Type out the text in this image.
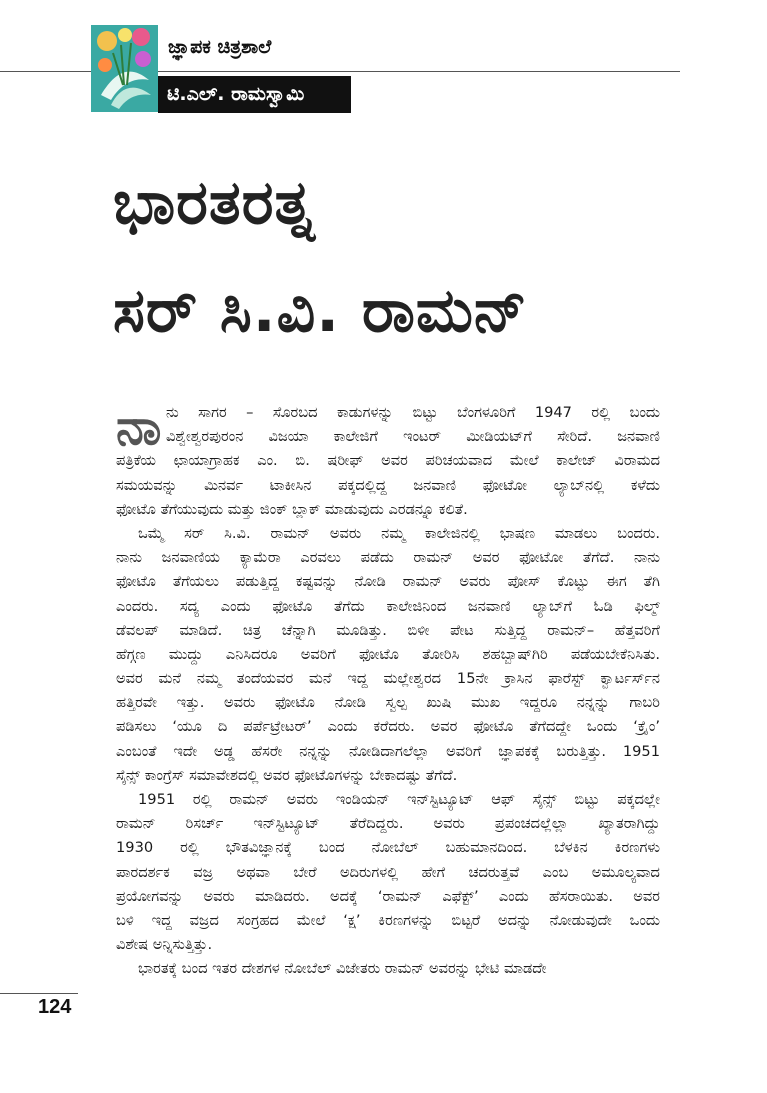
ಜ್ಞಾಪಕ ಚಿತ್ರಶಾಲೆ
ಟಿ.ಎಲ್. ರಾಮಸ್ವಾಮಿ
ಭಾರತರತ್ನ
ಸರ್ ಸಿ.ವಿ. ರಾಮನ್
ನಾ ನು ಸಾಗರ – ಸೊರಬದ ಕಾಡುಗಳನ್ನು ಬಿಟ್ಟು ಬೆಂಗಳೂರಿಗೆ 1947 ರಲ್ಲಿ ಬಂದು
ವಿಶ್ವೇಶ್ವರಪುರಂನ ವಿಜಯಾ ಕಾಲೇಜಿಗೆ ಇಂಟರ್ ಮೀಡಿಯಟ್‌ಗೆ ಸೇರಿದೆ. ಜನವಾಣಿ
ಪತ್ರಿಕೆಯ ಛಾಯಾಗ್ರಾಹಕ ಎಂ. ಬಿ. ಷರೀಫ್ ಅವರ ಪರಿಚಯವಾದ ಮೇಲೆ ಕಾಲೇಜ್ ವಿರಾಮದ
ಸಮಯವನ್ನು ಮಿನರ್ವ ಟಾಕೀಸಿನ ಪಕ್ಕದಲ್ಲಿದ್ದ ಜನವಾಣಿ ಫೋಟೋ ಲ್ಯಾಬ್‌ನಲ್ಲಿ ಕಳೆದು
ಫೋಟೊ ತೆಗೆಯುವುದು ಮತ್ತು ಜಿಂಕ್ ಬ್ಲಾಕ್ ಮಾಡುವುದು ಎರಡನ್ನೂ ಕಲಿತೆ.
ಒಮ್ಮೆ ಸರ್ ಸಿ.ವಿ. ರಾಮನ್ ಅವರು ನಮ್ಮ ಕಾಲೇಜಿನಲ್ಲಿ ಭಾಷಣ ಮಾಡಲು ಬಂದರು.
ನಾನು ಜನವಾಣಿಯ ಕ್ಯಾಮೆರಾ ಎರವಲು ಪಡೆದು ರಾಮನ್ ಅವರ ಫೋಟೋ ತೆಗೆದೆ. ನಾನು
ಫೋಟೊ ತೆಗೆಯಲು ಪಡುತ್ತಿದ್ದ ಕಷ್ಟವನ್ನು ನೋಡಿ ರಾಮನ್ ಅವರು ಪೋಸ್ ಕೊಟ್ಟು ಈಗ ತೆಗಿ
ಎಂದರು. ಸದ್ಯ ಎಂದು ಫೋಟೊ ತೆಗೆದು ಕಾಲೇಜಿನಿಂದ ಜನವಾಣಿ ಲ್ಯಾಬ್‌ಗೆ ಓಡಿ ಫಿಲ್ಮ್
ಡೆವಲಪ್ ಮಾಡಿದೆ. ಚಿತ್ರ ಚೆನ್ನಾಗಿ ಮೂಡಿತ್ತು. ಬಿಳೀ ಪೇಟ ಸುತ್ತಿದ್ದ ರಾಮನ್– ಹೆತ್ತವರಿಗೆ
ಹೆಗ್ಗಣ ಮುದ್ದು ಎನಿಸಿದರೂ ಅವರಿಗೆ ಫೋಟೊ ತೋರಿಸಿ ಶಹಬ್ಬಾಷ್‌ಗಿರಿ ಪಡೆಯಬೇಕೆನಿಸಿತು.
ಅವರ ಮನೆ ನಮ್ಮ ತಂದೆಯವರ ಮನೆ ಇದ್ದ ಮಲ್ಲೇಶ್ವರದ 15ನೇ ಕ್ರಾಸಿನ ಫಾರೆಸ್ಟ್ ಕ್ವಾರ್ಟರ್ಸ್‌ನ
ಹತ್ತಿರವೇ ಇತ್ತು. ಅವರು ಫೋಟೊ ನೋಡಿ ಸ್ವಲ್ಪ ಖುಷಿ ಮುಖ ಇದ್ದರೂ ನನ್ನನ್ನು ಗಾಬರಿ
ಪಡಿಸಲು ‘ಯೂ ದಿ ಪರ್ಪೆಟ್ರೇಟರ್’ ಎಂದು ಕರೆದರು. ಅವರ ಫೋಟೊ ತೆಗೆದದ್ದೇ ಒಂದು ‘ಕ್ರೈಂ’
ಎಂಬಂತೆ ಇದೇ ಅಡ್ಡ ಹೆಸರೇ ನನ್ನನ್ನು ನೋಡಿದಾಗಲೆಲ್ಲಾ ಅವರಿಗೆ ಜ್ಞಾಪಕಕ್ಕೆ ಬರುತ್ತಿತ್ತು. 1951
ಸೈನ್ಸ್ ಕಾಂಗ್ರೆಸ್ ಸಮಾವೇಶದಲ್ಲಿ ಅವರ ಫೋಟೊಗಳನ್ನು ಬೇಕಾದಷ್ಟು ತೆಗೆದೆ.
1951 ರಲ್ಲಿ ರಾಮನ್ ಅವರು ಇಂಡಿಯನ್ ಇನ್‌ಸ್ಟಿಟ್ಯೂಟ್ ಆಫ್ ಸೈನ್ಸ್ ಬಿಟ್ಟು ಪಕ್ಕದಲ್ಲೇ
ರಾಮನ್ ರಿಸರ್ಚ್ ಇನ್‌ಸ್ಟಿಟ್ಯೂಟ್ ತೆರೆದಿದ್ದರು. ಅವರು ಪ್ರಪಂಚದಲ್ಲೆಲ್ಲಾ ಖ್ಯಾತರಾಗಿದ್ದು
1930 ರಲ್ಲಿ ಭೌತವಿಜ್ಞಾನಕ್ಕೆ ಬಂದ ನೋಬೆಲ್ ಬಹುಮಾನದಿಂದ. ಬೆಳಕಿನ ಕಿರಣಗಳು
ಪಾರದರ್ಶಕ ವಜ್ರ ಅಥವಾ ಬೇರೆ ಅದಿರುಗಳಲ್ಲಿ ಹೇಗೆ ಚದರುತ್ತವೆ ಎಂಬ ಅಮೂಲ್ಯವಾದ
ಪ್ರಯೋಗವನ್ನು ಅವರು ಮಾಡಿದರು. ಅದಕ್ಕೆ ‘ರಾಮನ್ ಎಫೆಕ್ಟ್’ ಎಂದು ಹೆಸರಾಯಿತು. ಅವರ
ಬಳಿ ಇದ್ದ ವಜ್ರದ ಸಂಗ್ರಹದ ಮೇಲೆ ‘ಕ್ಷ’ ಕಿರಣಗಳನ್ನು ಬಿಟ್ಟರೆ ಅದನ್ನು ನೋಡುವುದೇ ಒಂದು
ವಿಶೇಷ ಅನ್ನಿಸುತ್ತಿತ್ತು.
ಭಾರತಕ್ಕೆ ಬಂದ ಇತರ ದೇಶಗಳ ನೋಬೆಲ್ ವಿಜೇತರು ರಾಮನ್ ಅವರನ್ನು ಭೇಟಿ ಮಾಡದೇ
124
